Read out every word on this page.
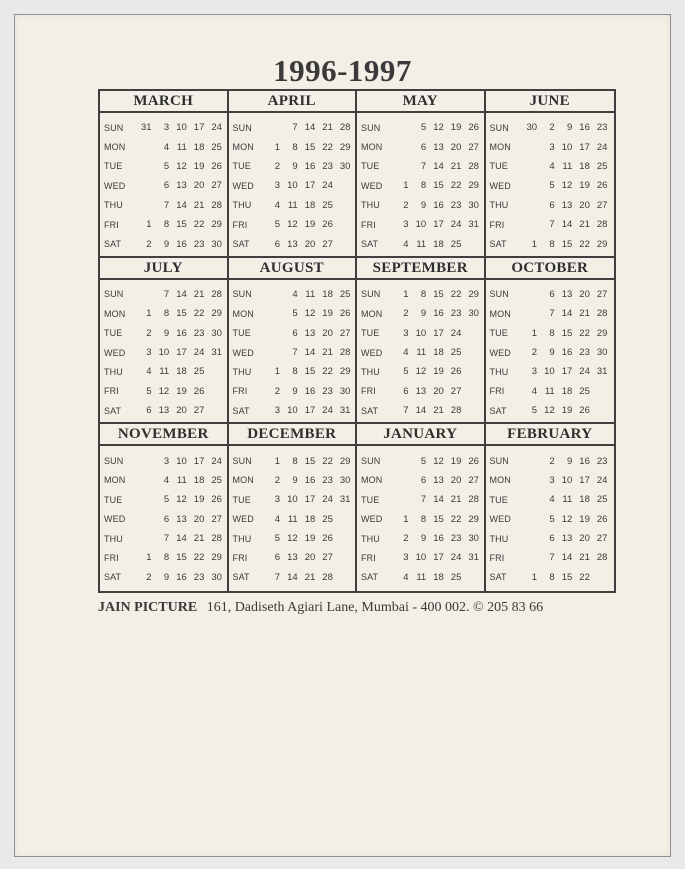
1996-1997
MARCH
SUN	31	3 10 17 24
MON	4 11 18 25
TUE	5 12 19 26
WED	6 13 20 27
THU	7 14 21 28
FRI	1	8 15 22 29
SAT	2	9 16 23 30
APRIL
SUN	7 14 21 28
MON	1	8 15 22 29
TUE	2	9 16 23 30
WED	3 10 17 24
THU	4 11 18 25
FRI	5 12 19 26
SAT	6 13 20 27
MAY
SUN	5 12 19 26
MON	6 13 20 27
TUE	7 14 21 28
WED	1	8 15 22 29
THU	2	9 16 23 30
FRI	3 10 17 24 31
SAT	4 11 18 25
JUNE
SUN	30	2	9 16 23
MON	3 10 17 24
TUE	4 11 18 25
WED	5 12 19 26
THU	6 13 20 27
FRI	7 14 21 28
SAT	1	8 15 22 29
JULY
SUN	7 14 21 28
MON	1	8 15 22 29
TUE	2	9 16 23 30
WED	3 10 17 24 31
THU	4 11 18 25
FRI	5 12 19 26
SAT	6 13 20 27
AUGUST
SUN	4 11 18 25
MON	5 12 19 26
TUE	6 13 20 27
WED	7 14 21 28
THU	1	8 15 22 29
FRI	2	9 16 23 30
SAT	3 10 17 24 31
SEPTEMBER
SUN	1	8 15 22 29
MON	2	9 16 23 30
TUE	3 10 17 24
WED	4 11 18 25
THU	5 12 19 26
FRI	6 13 20 27
SAT	7 14 21 28
OCTOBER
SUN	6 13 20 27
MON	7 14 21 28
TUE	1	8 15 22 29
WED	2	9 16 23 30
THU	3 10 17 24 31
FRI	4 11 18 25
SAT	5 12 19 26
NOVEMBER
SUN	3 10 17 24
MON	4 11 18 25
TUE	5 12 19 26
WED	6 13 20 27
THU	7 14 21 28
FRI	1	8 15 22 29
SAT	2	9 16 23 30
DECEMBER
SUN	1	8 15 22 29
MON	2	9 16 23 30
TUE	3 10 17 24 31
WED	4 11 18 25
THU	5 12 19 26
FRI	6 13 20 27
SAT	7 14 21 28
JANUARY
SUN	5 12 19 26
MON	6 13 20 27
TUE	7 14 21 28
WED	1	8 15 22 29
THU	2	9 16 23 30
FRI	3 10 17 24 31
SAT	4 11 18 25
FEBRUARY
SUN	2	9 16 23
MON	3 10 17 24
TUE	4 11 18 25
WED	5 12 19 26
THU	6 13 20 27
FRI	7 14 21 28
SAT	1	8 15 22
JAIN PICTURE 161, Dadiseth Agiari Lane, Mumbai - 400 002. © 205 83 66
